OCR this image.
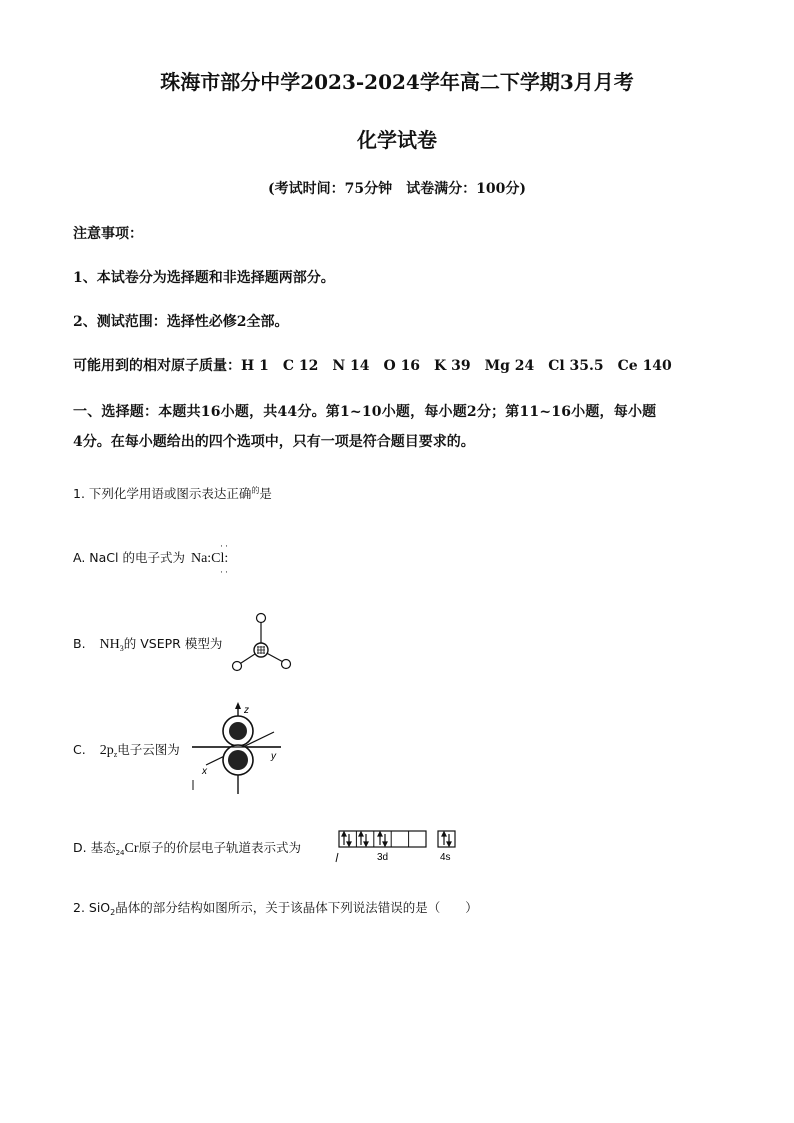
珠海市部分中学2023-2024学年高二下学期3月月考
化学试卷
(考试时间：75分钟　试卷满分：100分)
注意事项：
1、本试卷分为选择题和非选择题两部分。
2、测试范围：选择性必修2全部。
可能用到的相对原子质量：H 1　C 12　N 14　O 16　K 39　Mg 24　Cl 35.5　Ce 140
一、选择题：本题共16小题，共44分。第1~10小题，每小题2分；第11~16小题，每小题
4分。在每小题给出的四个选项中，只有一项是符合题目要求的。
1. 下列化学用语或图示表达正确$^的$是
A. NaCl 的电子式为 Na:Cl:
··
··
B. $NH_3$的 VSEPR 模型为
C. $2p_z$电子云图为
z
y
x
D. 基态$_{24}$Cr原子的价层电子轨道表示式为
3d	4s
2. SiO$_2$晶体的部分结构如图所示，关于该晶体下列说法错误的是（　　）
